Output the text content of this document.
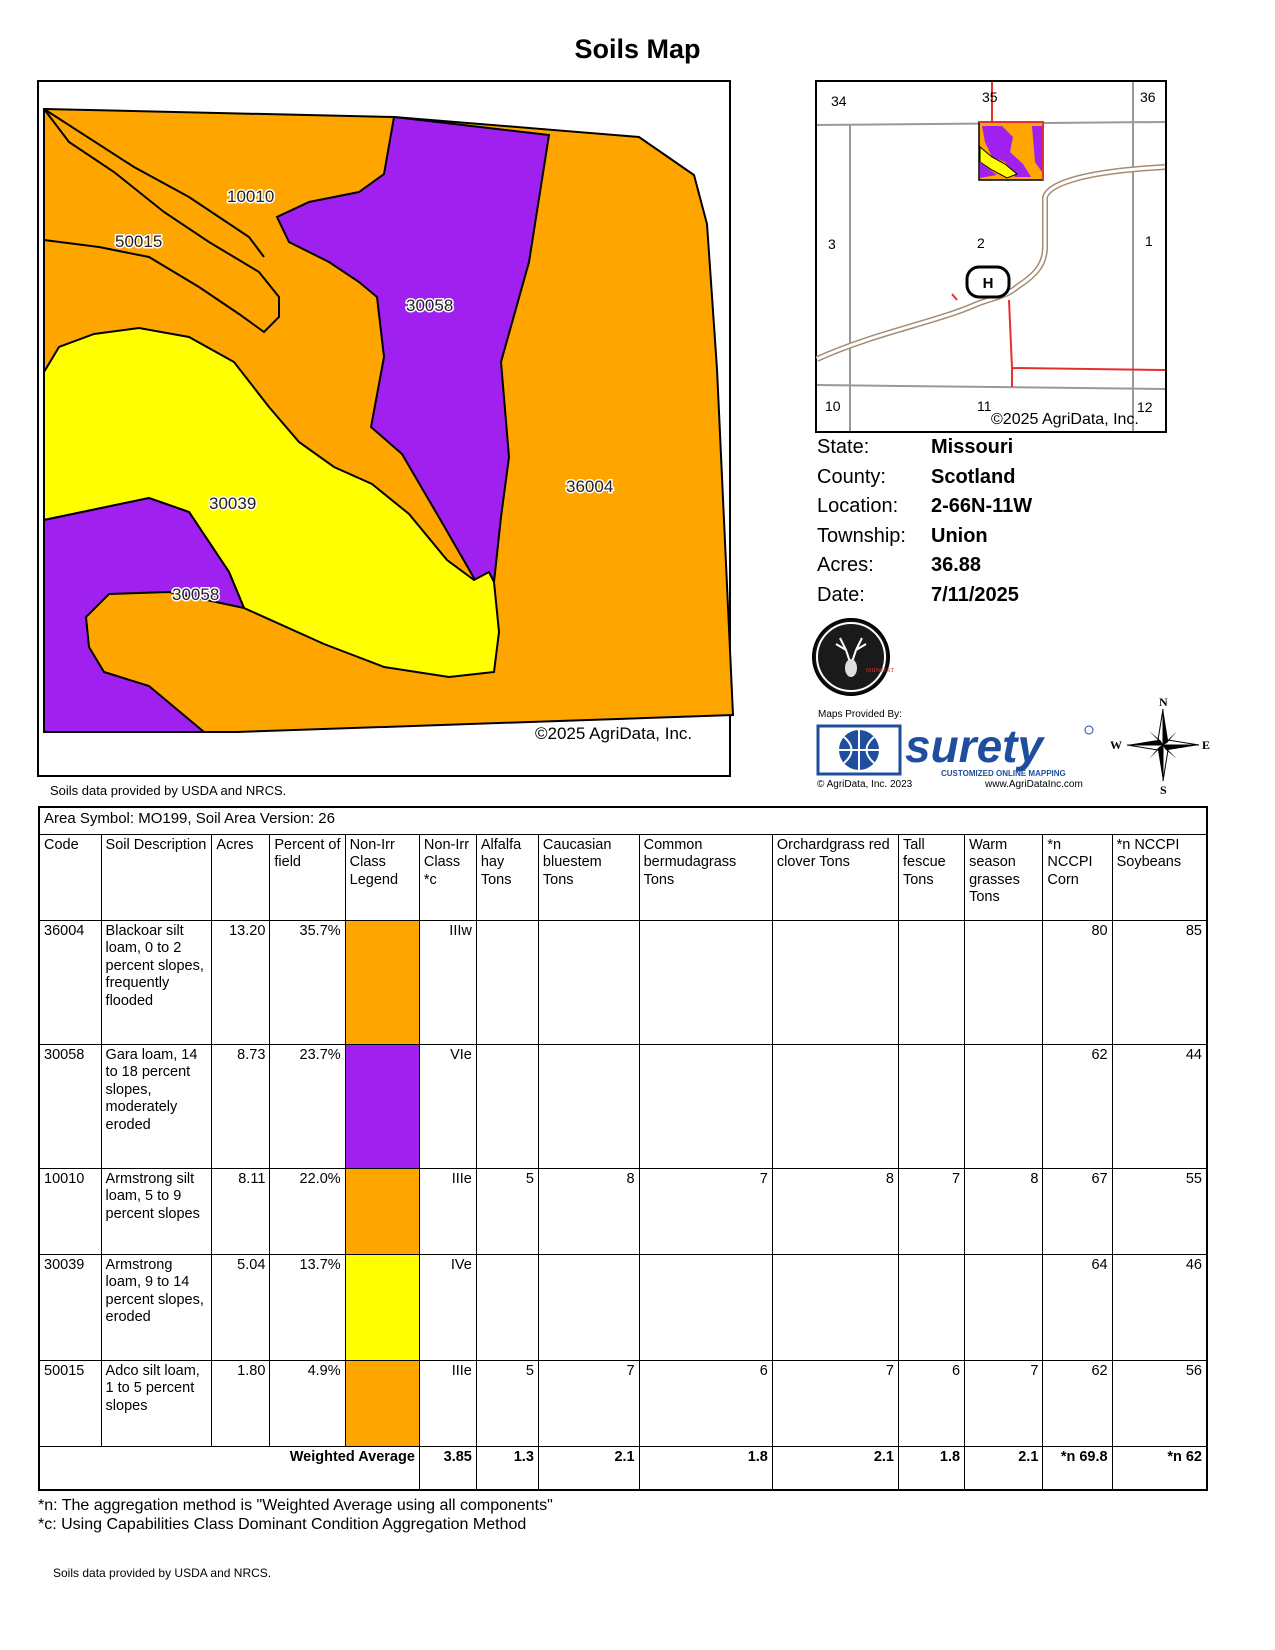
Soils Map
10010
50015
30058
30039
36004
30058
©2025 AgriData, Inc.
Soils data provided by USDA and NRCS.
H
34	35	36
3	2	1
10	11	12
©2025 AgriData, Inc.
State:	Missouri
County: Scotland
Location: 2-66N-11W
Township: Union
Acres:	36.88
Date:	7/11/2025
MIDWEST
Maps Provided By:
surety
CUSTOMIZED ONLINE MAPPING
© AgriData, Inc. 2023	www.AgriDataInc.com
N
S
E
W
Area Symbol: MO199, Soil Area Version: 26													
Code	Soil Description	Acres	Percent of field	Non-Irr Class Legend	Non-Irr Class *c	Alfalfa hay Tons	Caucasian bluestem Tons	Common bermudagrass Tons	Orchardgrass red clover Tons	Tall fescue Tons	Warm season grasses Tons	*n NCCPI Corn	*n NCCPI Soybeans
36004	Blackoar silt loam, 0 to 2 percent slopes, frequently flooded	13.20	35.7%		IIIw							80	85
30058	Gara loam, 14 to 18 percent slopes, moderately eroded	8.73	23.7%		VIe							62	44
10010	Armstrong silt loam, 5 to 9 percent slopes	8.11	22.0%		IIIe	5	8	7	8	7	8	67	55
30039	Armstrong loam, 9 to 14 percent slopes, eroded	5.04	13.7%		IVe							64	46
50015	Adco silt loam, 1 to 5 percent slopes	1.80	4.9%		IIIe	5	7	6	7	6	7	62	56
Weighted Average					3.85	1.3	2.1	1.8	2.1	1.8	2.1	*n 69.8	*n 62
*n: The aggregation method is "Weighted Average using all components"
*c: Using Capabilities Class Dominant Condition Aggregation Method
Soils data provided by USDA and NRCS.
